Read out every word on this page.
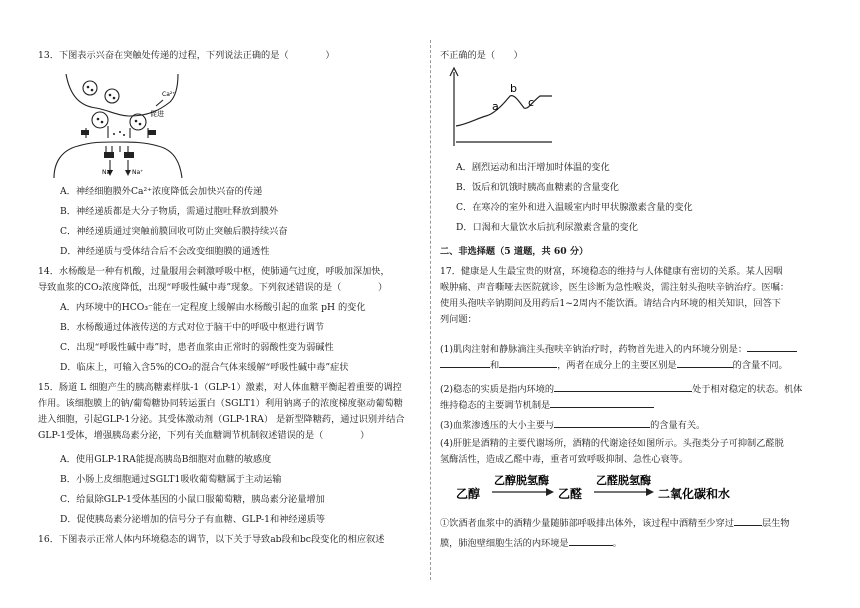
13．下图表示兴奋在突触处传递的过程，下列说法正确的是（　　　　）
Ca²⁺
促进
Na⁺	Na⁺
A．神经细胞膜外Ca²⁺浓度降低会加快兴奋的传递
B．神经递质都是大分子物质，需通过胞吐释放到膜外
C．神经递质通过突触前膜回收可防止突触后膜持续兴奋
D．神经递质与受体结合后不会改变细胞膜的通透性
14．水杨酸是一种有机酸，过量服用会刺激呼吸中枢，使肺通气过度，呼吸加深加快，
导致血浆的CO₂浓度降低，出现“呼吸性碱中毒”现象。下列叙述错误的是（　　　　）
A．内环境中的HCO₃⁻能在一定程度上缓解由水杨酸引起的血浆 pH 的变化
B．水杨酸通过体液传送的方式对位于脑干中的呼吸中枢进行调节
C．出现“呼吸性碱中毒”时，患者血浆由正常时的弱酸性变为弱碱性
D．临床上，可输入含5%的CO₂的混合气体来缓解“呼吸性碱中毒”症状
15．肠道 L 细胞产生的胰高糖素样肽-1（GLP-1）激素，对人体血糖平衡起着重要的调控
作用。该细胞膜上的钠/葡萄糖协同转运蛋白（SGLT1）利用钠离子的浓度梯度驱动葡萄糖
进入细胞，引起GLP-1分泌。其受体激动剂（GLP-1RA） 是新型降糖药，通过识别并结合
GLP-1受体，增强胰岛素分泌，下列有关血糖调节机制叙述错误的是（　　　　）
A．使用GLP-1RA能提高胰岛B细胞对血糖的敏感度
B．小肠上皮细胞通过SGLT1吸收葡萄糖属于主动运输
C．给鼠除GLP-1受体基因的小鼠口服葡萄糖，胰岛素分泌量增加
D．促使胰岛素分泌增加的信号分子有血糖、GLP-1和神经递质等
16．下图表示正常人体内环境稳态的调节，以下关于导致ab段和bc段变化的相应叙述
不正确的是（　　）
a
b
c
A．剧烈运动和出汗增加时体温的变化
B．饭后和饥饿时胰高血糖素的含量变化
C．在寒冷的室外和进入温暖室内时甲状腺激素含量的变化
D．口渴和大量饮水后抗利尿激素含量的变化
二、非选择题（5 道题，共 60 分）
17．健康是人生最宝贵的财富，环境稳态的维持与人体健康有密切的关系。某人因咽
喉肿痛、声音嘶哑去医院就诊，医生诊断为急性喉炎，需注射头孢呋辛钠治疗。医嘱：
使用头孢呋辛钠期间及用药后1~2周内不能饮酒。请结合内环境的相关知识，回答下
列问题：
(1)肌肉注射和静脉滴注头孢呋辛钠治疗时，药物首先进入的内环境分别是：
和	，两者在成分上的主要区别是	的含量不同。
(2)稳态的实质是指内环境的	处于相对稳定的状态。机体
维持稳态的主要调节机制是
(3)血浆渗透压的大小主要与	的含量有关。
(4)肝脏是酒精的主要代谢场所，酒精的代谢途径如图所示。头孢类分子可抑制乙醛脱
氢酶活性，造成乙醛中毒，重者可致呼吸抑制、急性心衰等。
乙醇
乙醇脱氢酶
乙醛
乙醛脱氢酶
二氧化碳和水
①饮酒者血浆中的酒精少量随肺部呼吸排出体外，该过程中酒精至少穿过	层生物
膜，肺泡壁细胞生活的内环境是	。
